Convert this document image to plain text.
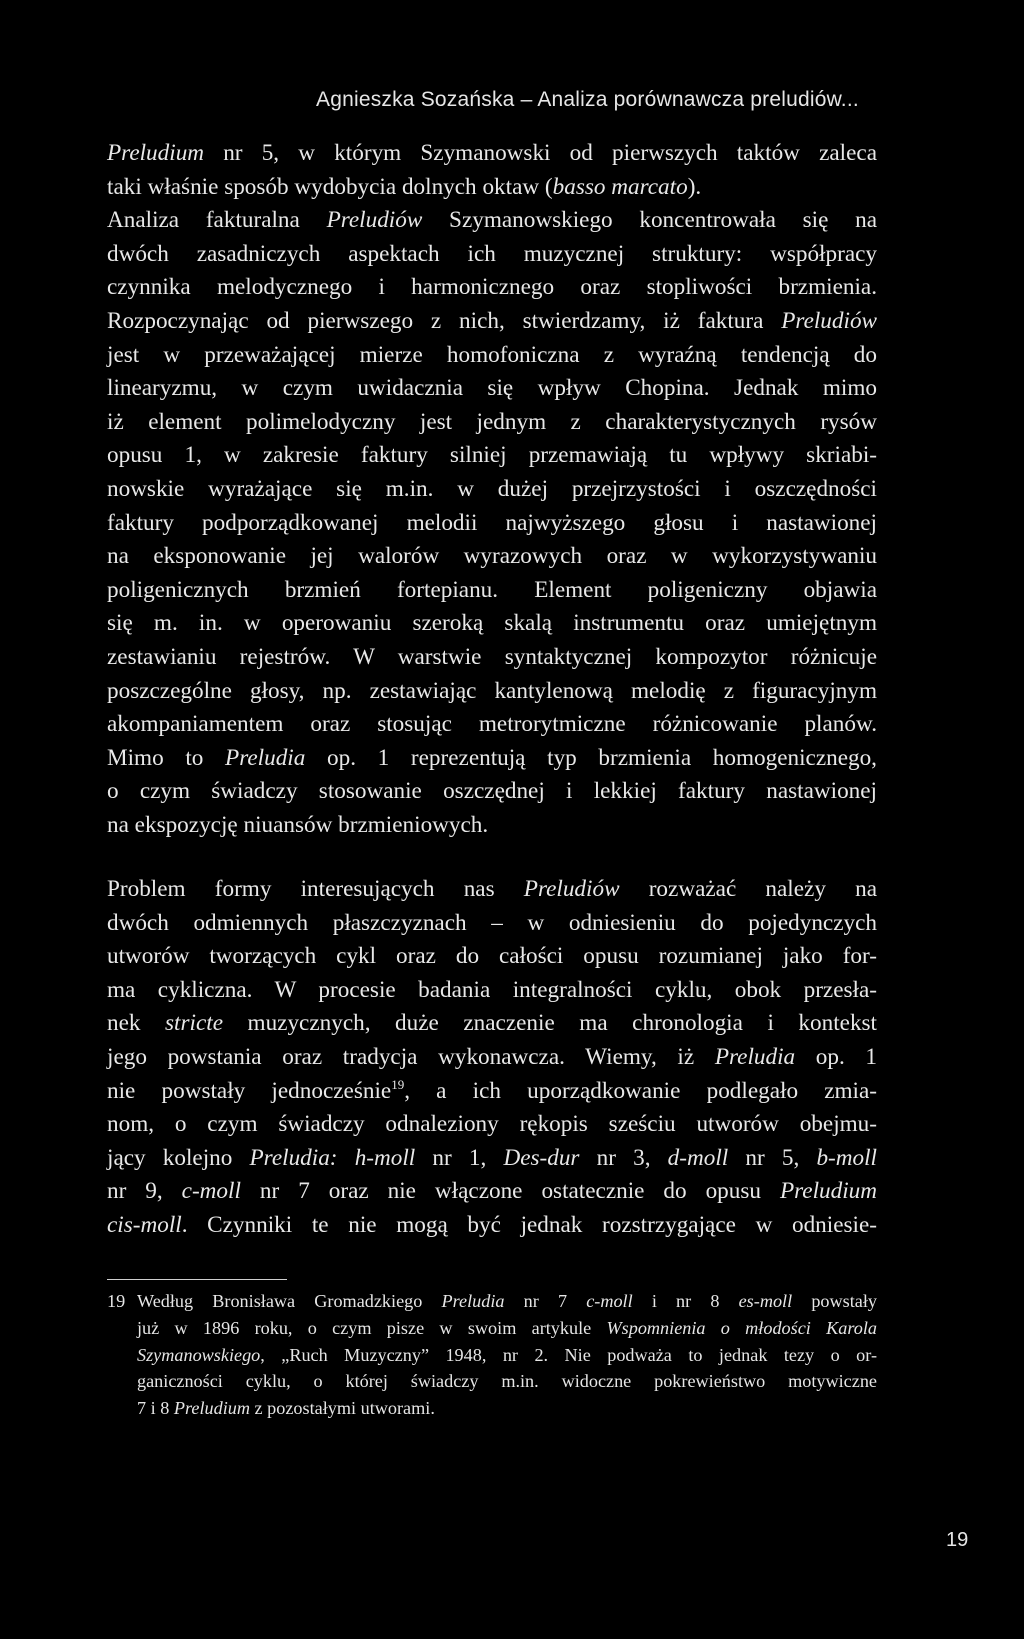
Agnieszka Sozańska – Analiza porównawcza preludiów...
Preludium nr 5, w którym Szymanowski od pierwszych taktów zaleca
taki właśnie sposób wydobycia dolnych oktaw (basso marcato).
Analiza fakturalna Preludiów Szymanowskiego koncentrowała się na
dwóch zasadniczych aspektach ich muzycznej struktury: współpracy
czynnika melodycznego i harmonicznego oraz stopliwości brzmienia.
Rozpoczynając od pierwszego z nich, stwierdzamy, iż faktura Preludiów
jest w przeważającej mierze homofoniczna z wyraźną tendencją do
linearyzmu, w czym uwidacznia się wpływ Chopina. Jednak mimo
iż element polimelodyczny jest jednym z charakterystycznych rysów
opusu 1, w zakresie faktury silniej przemawiają tu wpływy skriabi-
nowskie wyrażające się m.in. w dużej przejrzystości i oszczędności
faktury podporządkowanej melodii najwyższego głosu i nastawionej
na eksponowanie jej walorów wyrazowych oraz w wykorzystywaniu
poligenicznych brzmień fortepianu. Element poligeniczny objawia
się m. in. w operowaniu szeroką skalą instrumentu oraz umiejętnym
zestawianiu rejestrów. W warstwie syntaktycznej kompozytor różnicuje
poszczególne głosy, np. zestawiając kantylenową melodię z figuracyjnym
akompaniamentem oraz stosując metrorytmiczne różnicowanie planów.
Mimo to Preludia op. 1 reprezentują typ brzmienia homogenicznego,
o czym świadczy stosowanie oszczędnej i lekkiej faktury nastawionej
na ekspozycję niuansów brzmieniowych.
Problem formy interesujących nas Preludiów rozważać należy na
dwóch odmiennych płaszczyznach – w odniesieniu do pojedynczych
utworów tworzących cykl oraz do całości opusu rozumianej jako for-
ma cykliczna. W procesie badania integralności cyklu, obok przesła-
nek stricte muzycznych, duże znaczenie ma chronologia i kontekst
jego powstania oraz tradycja wykonawcza. Wiemy, iż Preludia op. 1
nie powstały jednocześnie$^{19}$, a ich uporządkowanie podlegało zmia-
nom, o czym świadczy odnaleziony rękopis sześciu utworów obejmu-
jący kolejno Preludia: h-moll nr 1, Des-dur nr 3, d-moll nr 5, b-moll
nr 9, c-moll nr 7 oraz nie włączone ostatecznie do opusu Preludium
cis-moll. Czynniki te nie mogą być jednak rozstrzygające w odniesie-
19 Według Bronisława Gromadzkiego Preludia nr 7 c-moll i nr 8 es-moll powstały
już w 1896 roku, o czym pisze w swoim artykule Wspomnienia o młodości Karola
Szymanowskiego, „Ruch Muzyczny” 1948, nr 2. Nie podważa to jednak tezy o or-
ganiczności cyklu, o której świadczy m.in. widoczne pokrewieństwo motywiczne
7 i 8 Preludium z pozostałymi utworami.
19
